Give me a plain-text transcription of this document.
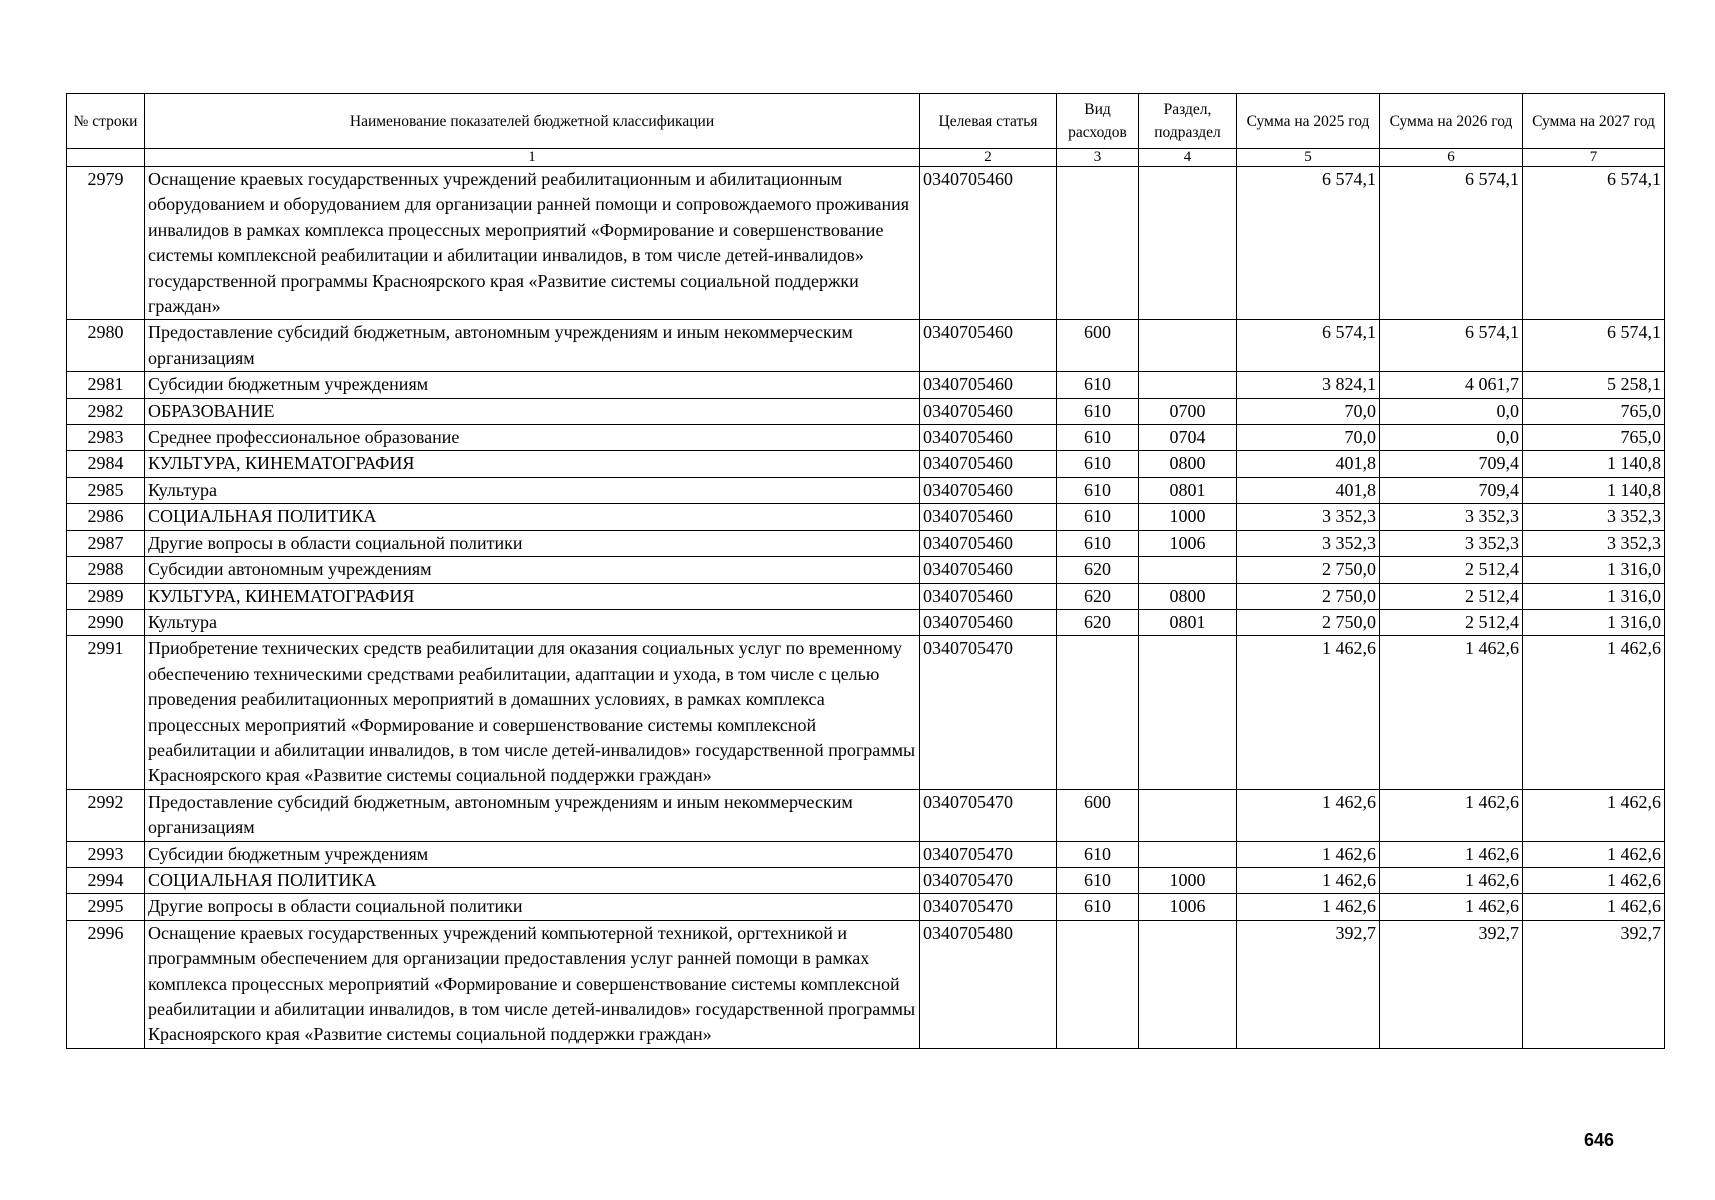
№ строки	Наименование показателей бюджетной классификации	Целевая статья	Вид расходов	Раздел, подраздел	Сумма на 2025 год	Сумма на 2026 год	Сумма на 2027 год
	1	2	3	4	5	6	7
2979	Оснащение краевых государственных учреждений реабилитационным и абилитационным оборудованием и оборудованием для организации ранней помощи и сопровождаемого проживания инвалидов в рамках комплекса процессных мероприятий «Формирование и совершенствование системы комплексной реабилитации и абилитации инвалидов, в том числе детей-инвалидов» государственной программы Красноярского края «Развитие системы социальной поддержки граждан»	0340705460			6 574,1	6 574,1	6 574,1
2980	Предоставление субсидий бюджетным, автономным учреждениям и иным некоммерческим организациям	0340705460	600		6 574,1	6 574,1	6 574,1
2981	Субсидии бюджетным учреждениям	0340705460	610		3 824,1	4 061,7	5 258,1
2982	ОБРАЗОВАНИЕ	0340705460	610	0700	70,0	0,0	765,0
2983	Среднее профессиональное образование	0340705460	610	0704	70,0	0,0	765,0
2984	КУЛЬТУРА, КИНЕМАТОГРАФИЯ	0340705460	610	0800	401,8	709,4	1 140,8
2985	Культура	0340705460	610	0801	401,8	709,4	1 140,8
2986	СОЦИАЛЬНАЯ ПОЛИТИКА	0340705460	610	1000	3 352,3	3 352,3	3 352,3
2987	Другие вопросы в области социальной политики	0340705460	610	1006	3 352,3	3 352,3	3 352,3
2988	Субсидии автономным учреждениям	0340705460	620		2 750,0	2 512,4	1 316,0
2989	КУЛЬТУРА, КИНЕМАТОГРАФИЯ	0340705460	620	0800	2 750,0	2 512,4	1 316,0
2990	Культура	0340705460	620	0801	2 750,0	2 512,4	1 316,0
2991	Приобретение технических средств реабилитации для оказания социальных услуг по временному обеспечению техническими средствами реабилитации, адаптации и ухода, в том числе с целью проведения реабилитационных мероприятий в домашних условиях, в рамках комплекса процессных мероприятий «Формирование и совершенствование системы комплексной реабилитации и абилитации инвалидов, в том числе детей-инвалидов» государственной программы Красноярского края «Развитие системы социальной поддержки граждан»	0340705470			1 462,6	1 462,6	1 462,6
2992	Предоставление субсидий бюджетным, автономным учреждениям и иным некоммерческим организациям	0340705470	600		1 462,6	1 462,6	1 462,6
2993	Субсидии бюджетным учреждениям	0340705470	610		1 462,6	1 462,6	1 462,6
2994	СОЦИАЛЬНАЯ ПОЛИТИКА	0340705470	610	1000	1 462,6	1 462,6	1 462,6
2995	Другие вопросы в области социальной политики	0340705470	610	1006	1 462,6	1 462,6	1 462,6
2996	Оснащение краевых государственных учреждений компьютерной техникой, оргтехникой и программным обеспечением для организации предоставления услуг ранней помощи в рамках комплекса процессных мероприятий «Формирование и совершенствование системы комплексной реабилитации и абилитации инвалидов, в том числе детей-инвалидов» государственной программы Красноярского края «Развитие системы социальной поддержки граждан»	0340705480			392,7	392,7	392,7
646
